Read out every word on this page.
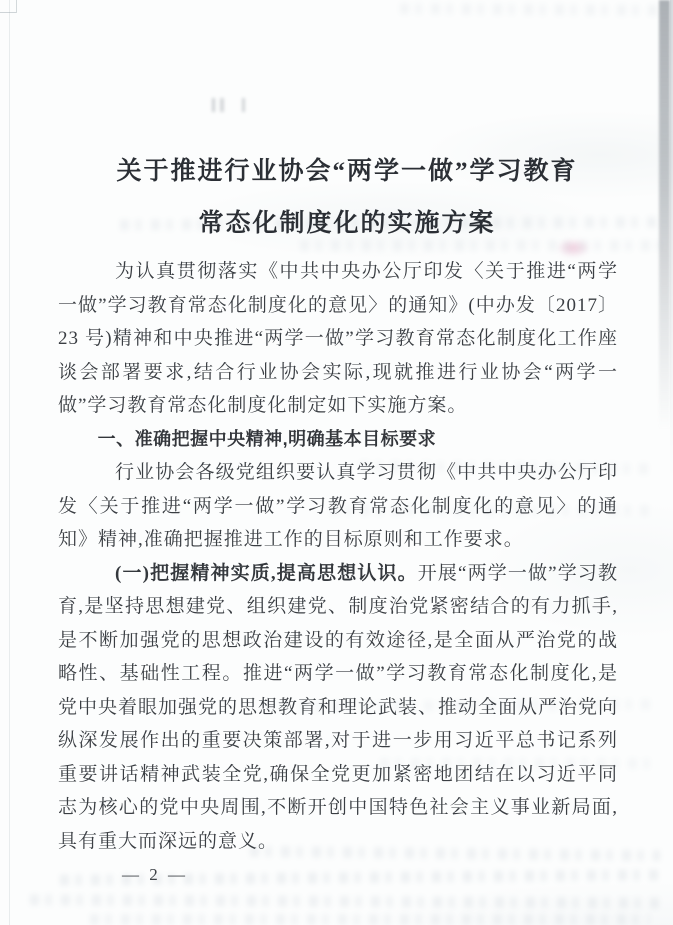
关于推进行业协会“两学一做”学习教育
常态化制度化的实施方案

为认真贯彻落实《中共中央办公厅印发〈关于推进“两学一做”学习教育常态化制度化的意见〉的通知》(中办发〔2017〕23 号)精神和中央推进“两学一做”学习教育常态化制度化工作座谈会部署要求,结合行业协会实际,现就推进行业协会“两学一做”学习教育常态化制度化制定如下实施方案。

一、准确把握中央精神,明确基本目标要求

行业协会各级党组织要认真学习贯彻《中共中央办公厅印发〈关于推进“两学一做”学习教育常态化制度化的意见〉的通知》精神,准确把握推进工作的目标原则和工作要求。

(一)把握精神实质,提高思想认识。开展“两学一做”学习教育,是坚持思想建党、组织建党、制度治党紧密结合的有力抓手,是不断加强党的思想政治建设的有效途径,是全面从严治党的战略性、基础性工程。推进“两学一做”学习教育常态化制度化,是党中央着眼加强党的思想教育和理论武装、推动全面从严治党向纵深发展作出的重要决策部署,对于进一步用习近平总书记系列重要讲话精神武装全党,确保全党更加紧密地团结在以习近平同志为核心的党中央周围,不断开创中国特色社会主义事业新局面,具有重大而深远的意义。

— 2 —
